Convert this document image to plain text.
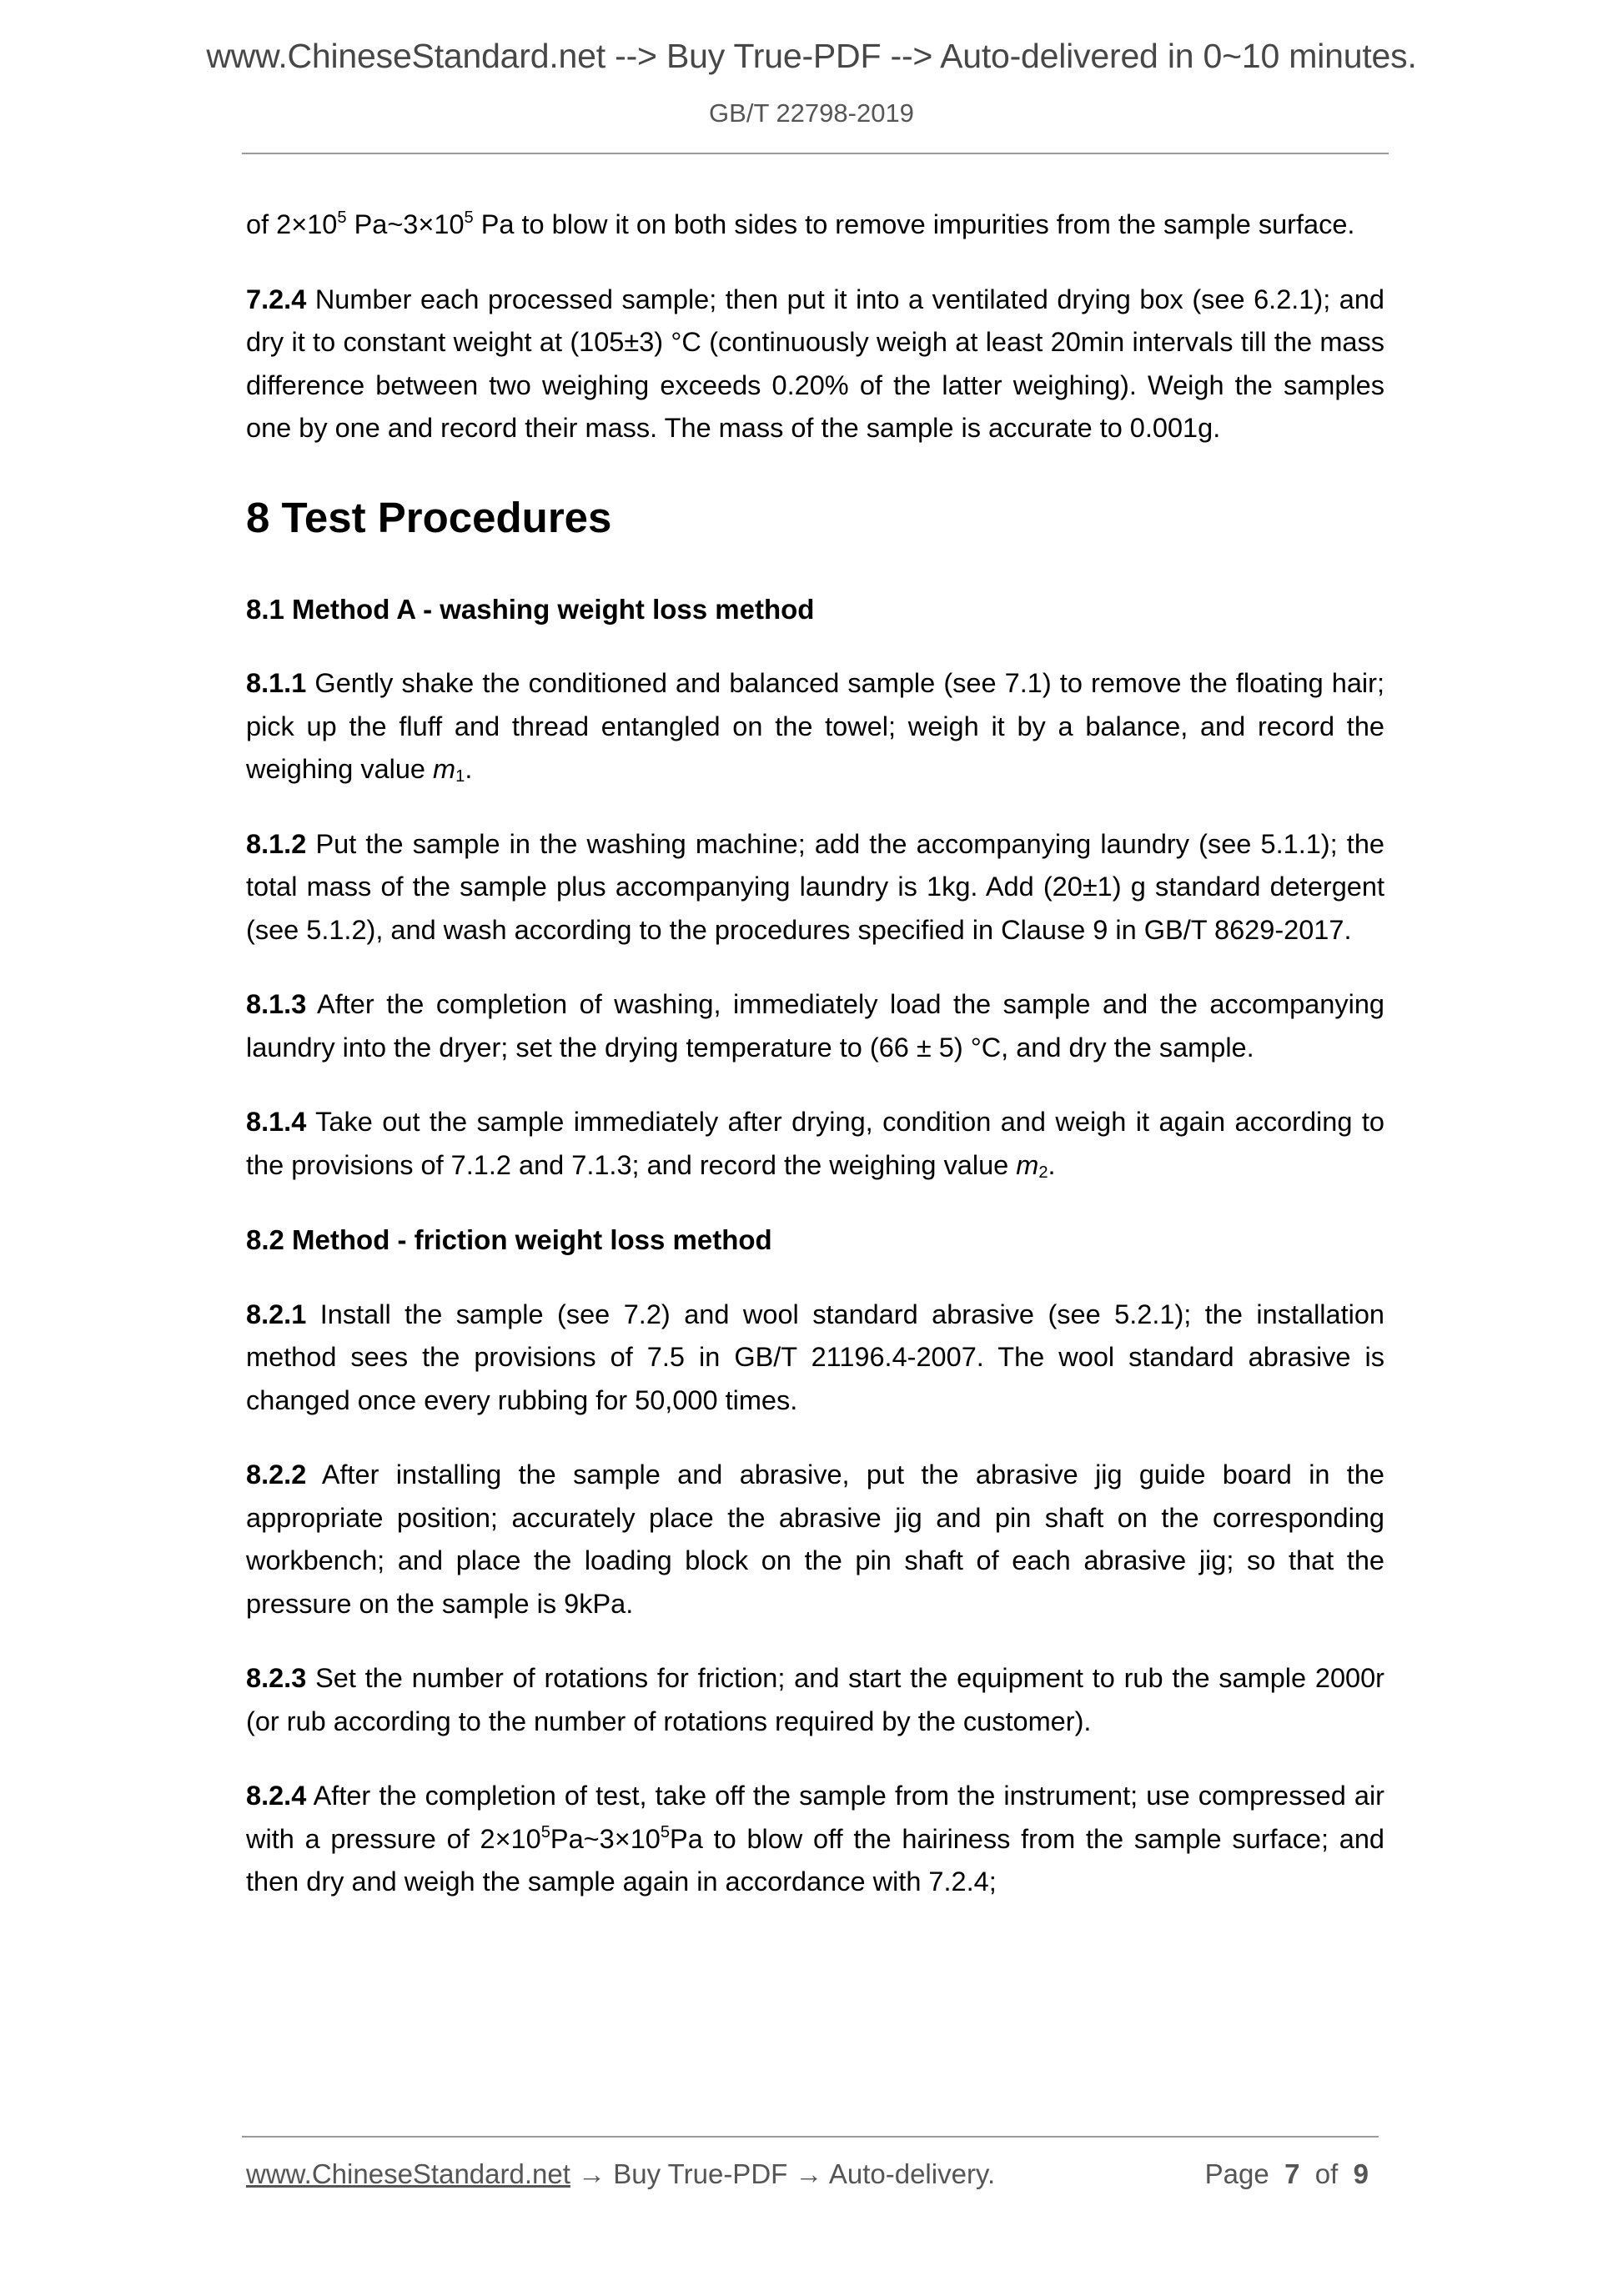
www.ChineseStandard.net --> Buy True-PDF --> Auto-delivered in 0~10 minutes.
GB/T 22798-2019

of $2\times 10^5$ $Pa\sim 3\times 10^5$ Pa to blow it on both sides to remove impurities from the sample surface.

7.2.4 Number each processed sample; then put it into a ventilated drying box (see 6.2.1); and dry it to constant weight at (105±3) °C (continuously weigh at least 20min intervals till the mass difference between two weighing exceeds 0.20% of the latter weighing). Weigh the samples one by one and record their mass. The mass of the sample is accurate to 0.001g.

8 Test Procedures
8.1 Method A - washing weight loss method

8.1.1 Gently shake the conditioned and balanced sample (see 7.1) to remove the floating hair; pick up the fluff and thread entangled on the towel; weigh it by a balance, and record the weighing value $m_1$.

8.1.2 Put the sample in the washing machine; add the accompanying laundry (see 5.1.1); the total mass of the sample plus accompanying laundry is 1kg. Add (20±1) g standard detergent (see 5.1.2), and wash according to the procedures specified in Clause 9 in GB/T 8629-2017.

8.1.3 After the completion of washing, immediately load the sample and the accompanying laundry into the dryer; set the drying temperature to (66 ± 5) °C, and dry the sample.

8.1.4 Take out the sample immediately after drying, condition and weigh it again according to the provisions of 7.1.2 and 7.1.3; and record the weighing value $m_2$.

8.2 Method - friction weight loss method

8.2.1 Install the sample (see 7.2) and wool standard abrasive (see 5.2.1); the installation method sees the provisions of 7.5 in GB/T 21196.4-2007. The wool standard abrasive is changed once every rubbing for 50,000 times.

8.2.2 After installing the sample and abrasive, put the abrasive jig guide board in the appropriate position; accurately place the abrasive jig and pin shaft on the corresponding workbench; and place the loading block on the pin shaft of each abrasive jig; so that the pressure on the sample is 9kPa.

8.2.3 Set the number of rotations for friction; and start the equipment to rub the sample 2000r (or rub according to the number of rotations required by the customer).

8.2.4 After the completion of test, take off the sample from the instrument; use compressed air with a pressure of $2\times 10^5Pa\sim 3\times 10^5Pa$ to blow off the hairiness from the sample surface; and then dry and weigh the sample again in accordance with 7.2.4;

www.ChineseStandard.net → Buy True-PDF → Auto-delivery.	Page 7 of 9
